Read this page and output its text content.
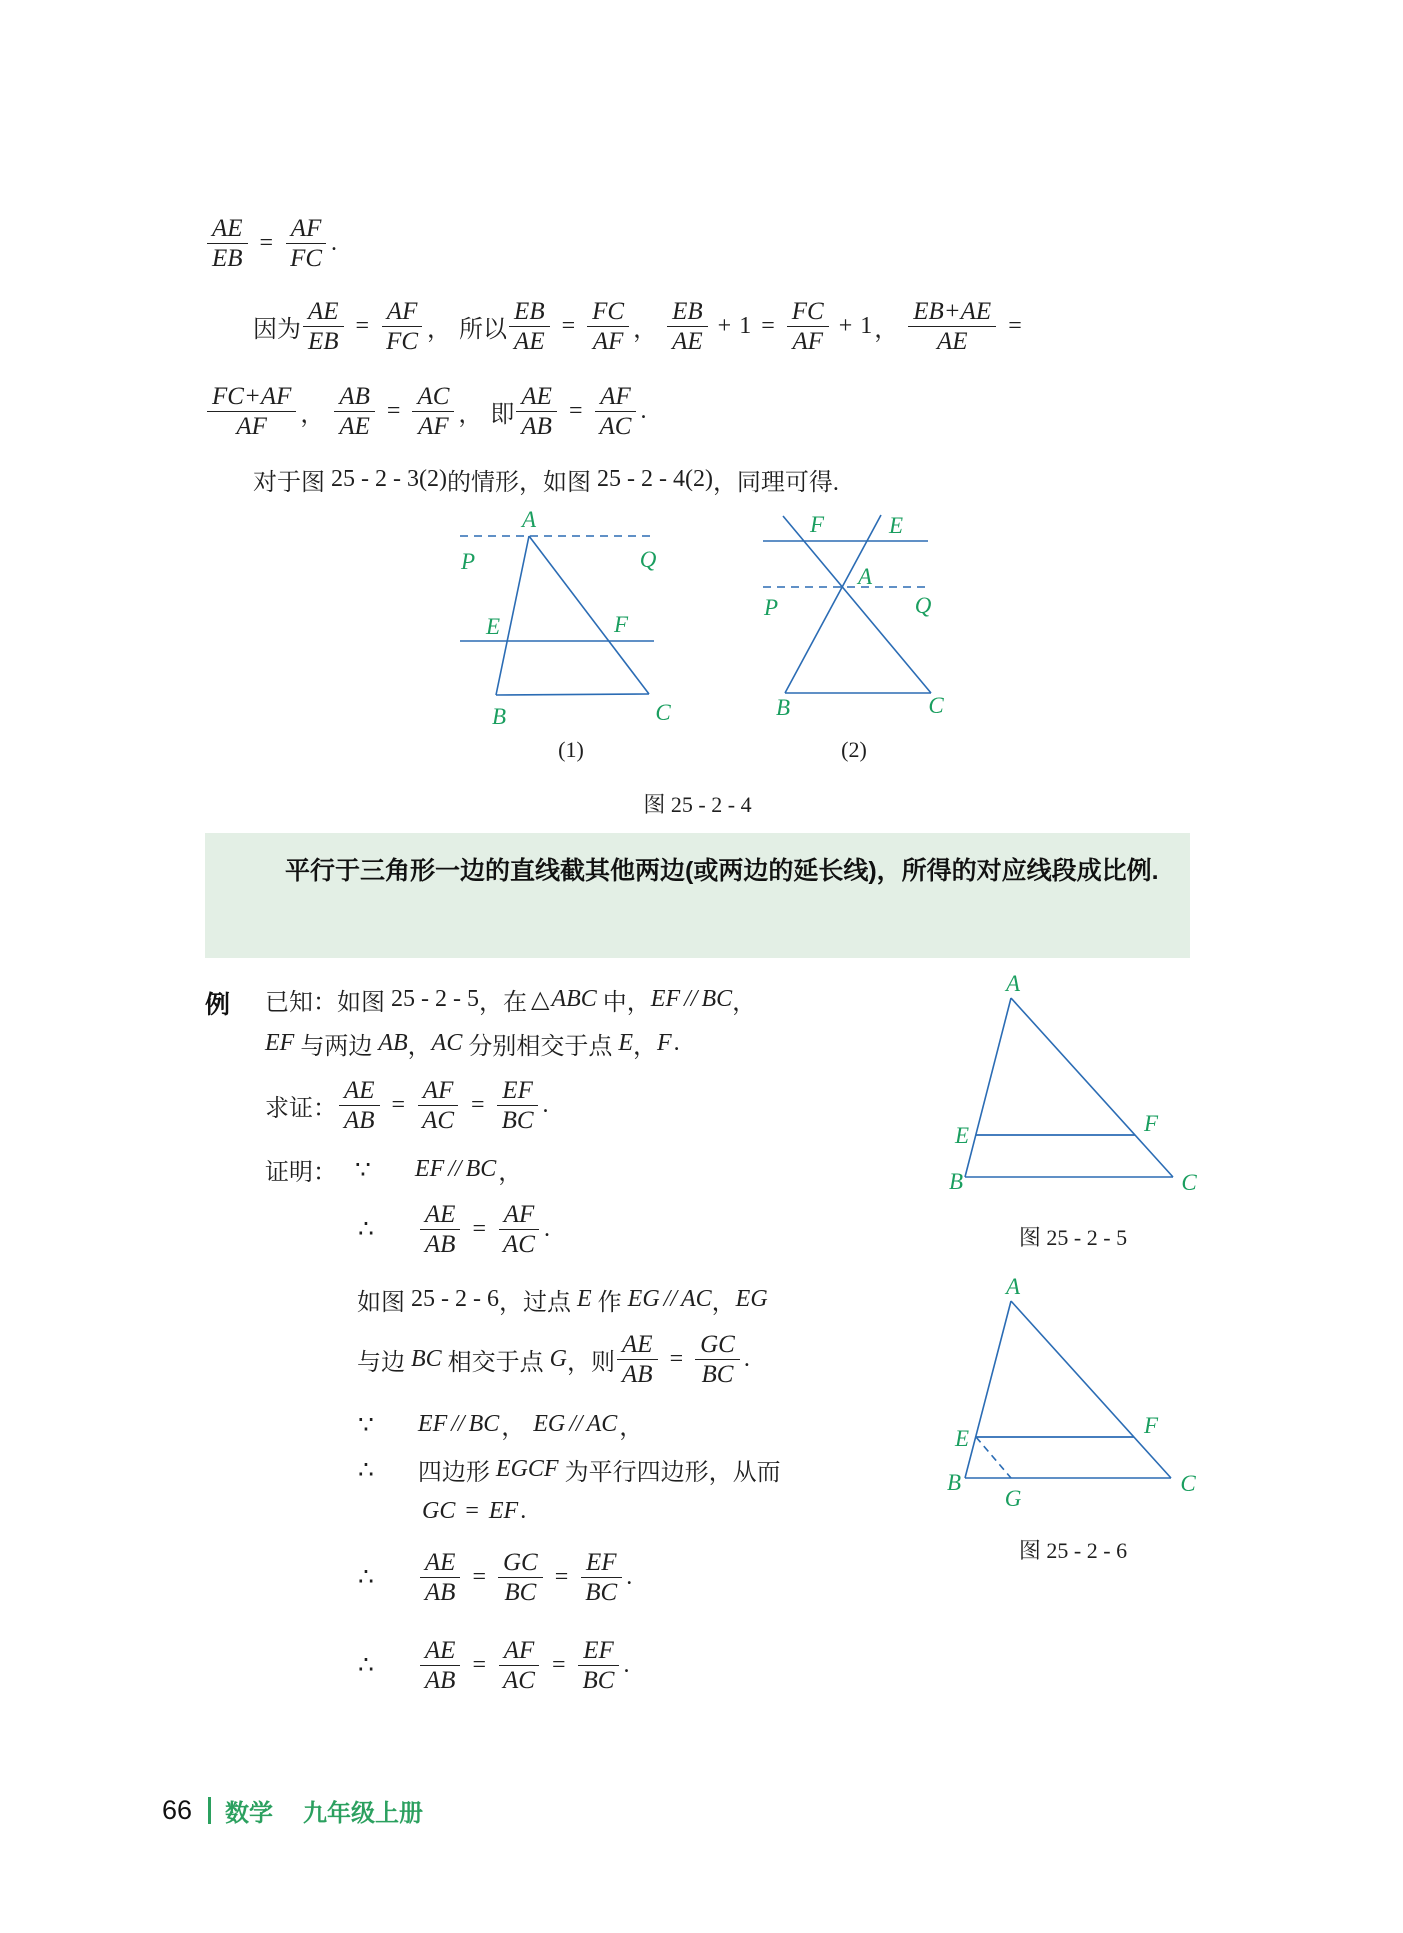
$\frac{AE}{EB} = \frac{AF}{FC}$ .
因为 $\frac{AE}{EB} = \frac{AF}{FC}$ ， 所以 $\frac{EB}{AE} = \frac{FC}{AF}$ ， $\frac{EB}{AE} + 1 = \frac{FC}{AF} + 1$ ， $\frac{EB+AE}{AE}$ =
$\frac{FC+AF}{AF}$ ， $\frac{AB}{AE} = \frac{AC}{AF}$ ， 即 $\frac{AE}{AB} = \frac{AF}{AC}$ .
对于图 25 - 2 - 3(2) 的情形，如图 25 - 2 - 4(2) ，同理可得.
A
P	Q
E	F
B	C
(1)
F	E
A
P	Q
B	C
(2)
图 25 - 2 - 4

平行于三角形一边的直线截其他两边(或两边的延长线)，所得的对应线段成比例.

例 已知：如图 25 - 2 - 5 ，在 △ ABC 中， EF // BC ，
EF 与两边 AB ， AC 分别相交于点 E ， F .
求证： $\frac{AE}{AB} = \frac{AF}{AC} = \frac{EF}{BC}$ .
证明： ∵ EF // BC ，
∴ $\frac{AE}{AB} = \frac{AF}{AC}$ .
如图 25 - 2 - 6 ，过点 E 作 EG // AC ， EG
与边 BC 相交于点 G ，则 $\frac{AE}{AB} = \frac{GC}{BC}$ .
∵ EF // BC ， EG // AC ，
∴ 四边形 EGCF 为平行四边形，从而
GC = EF .
∴ $\frac{AE}{AB} = \frac{GC}{BC} = \frac{EF}{BC}$ .
∴ $\frac{AE}{AB} = \frac{AF}{AC} = \frac{EF}{BC}$ .
A
E	F
B	C
图 25 - 2 - 5
A
E
F
B	C
G
图 25 - 2 - 6
66 数学 九年级上册
